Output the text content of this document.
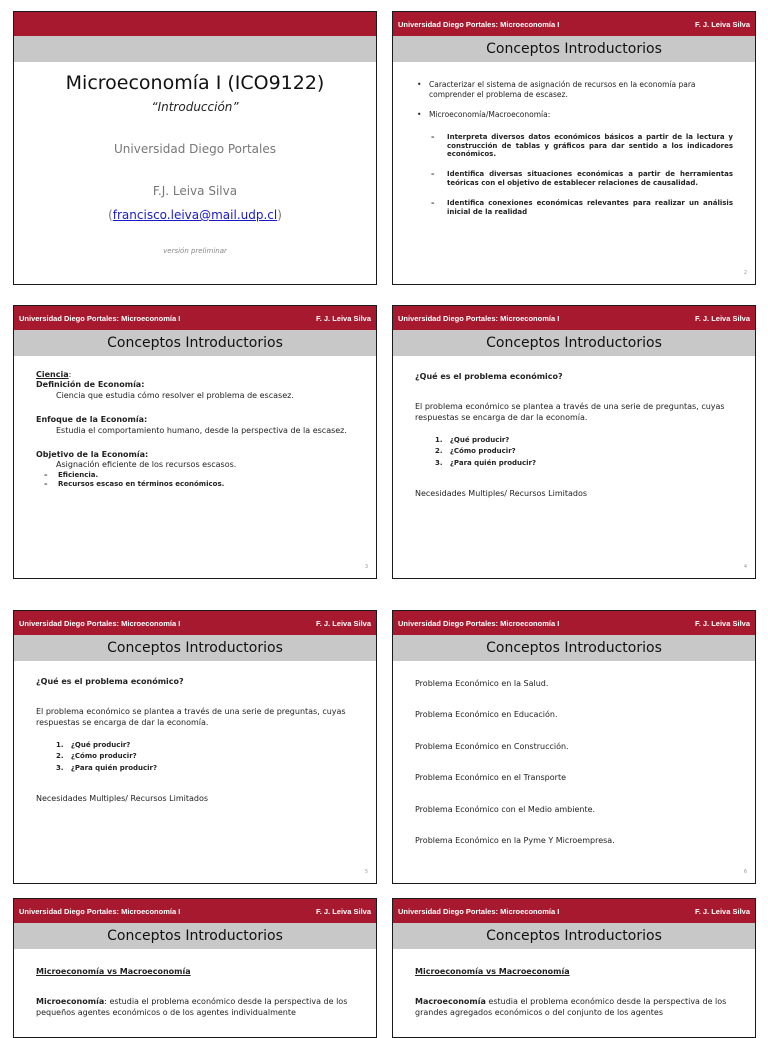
Microeconomía I (ICO9122)
“Introducción”
Universidad Diego Portales
F.J. Leiva Silva
(francisco.leiva@mail.udp.cl)
versión preliminar
Universidad Diego Portales: Microeconomía I	F. J. Leiva Silva
Conceptos Introductorios
• Caracterizar el sistema de asignación de recursos en la economía para comprender el problema de escasez.
• Microeconomía/Macroeconomía:
– Interpreta diversos datos económicos básicos a partir de la lectura y construcción de tablas y gráficos para dar sentido a los indicadores económicos.
– Identifica diversas situaciones económicas a partir de herramientas teóricas con el objetivo de establecer relaciones de causalidad.
– Identifica conexiones económicas relevantes para realizar un análisis inicial de la realidad
2
Universidad Diego Portales: Microeconomía I	F. J. Leiva Silva
Conceptos Introductorios
Ciencia:
Definición de Economía:
Ciencia que estudia cómo resolver el problema de escasez.
Enfoque de la Economía:
Estudia el comportamiento humano, desde la perspectiva de la escasez.
Objetivo de la Economía:
Asignación eficiente de los recursos escasos.
– Eficiencia.
– Recursos escaso en términos económicos.
3
Universidad Diego Portales: Microeconomía I	F. J. Leiva Silva
Conceptos Introductorios
¿Qué es el problema económico?
El problema económico se plantea a través de una serie de preguntas, cuyas respuestas se encarga de dar la economía.
1.   ¿Qué producir?
2.   ¿Cómo producir?
3.   ¿Para quién producir?
Necesidades Multiples/ Recursos Limitados
4
Universidad Diego Portales: Microeconomía I	F. J. Leiva Silva
Conceptos Introductorios
¿Qué es el problema económico?
El problema económico se plantea a través de una serie de preguntas, cuyas respuestas se encarga de dar la economía.
1.   ¿Qué producir?
2.   ¿Cómo producir?
3.   ¿Para quién producir?
Necesidades Multiples/ Recursos Limitados
5
Universidad Diego Portales: Microeconomía I	F. J. Leiva Silva
Conceptos Introductorios
Problema Económico en la Salud.
Problema Económico en Educación.
Problema Económico en Construcción.
Problema Económico en el Transporte
Problema Económico con el Medio ambiente.
Problema Económico en la Pyme Y Microempresa.
6
Universidad Diego Portales: Microeconomía I	F. J. Leiva Silva
Conceptos Introductorios
Microeconomía vs Macroeconomía
Microeconomía: estudia el problema económico desde la perspectiva de los pequeños agentes económicos o de los agentes individualmente
Universidad Diego Portales: Microeconomía I	F. J. Leiva Silva
Conceptos Introductorios
Microeconomía vs Macroeconomía
Macroeconomía estudia el problema económico desde la perspectiva de los grandes agregados económicos o del conjunto de los agentes
